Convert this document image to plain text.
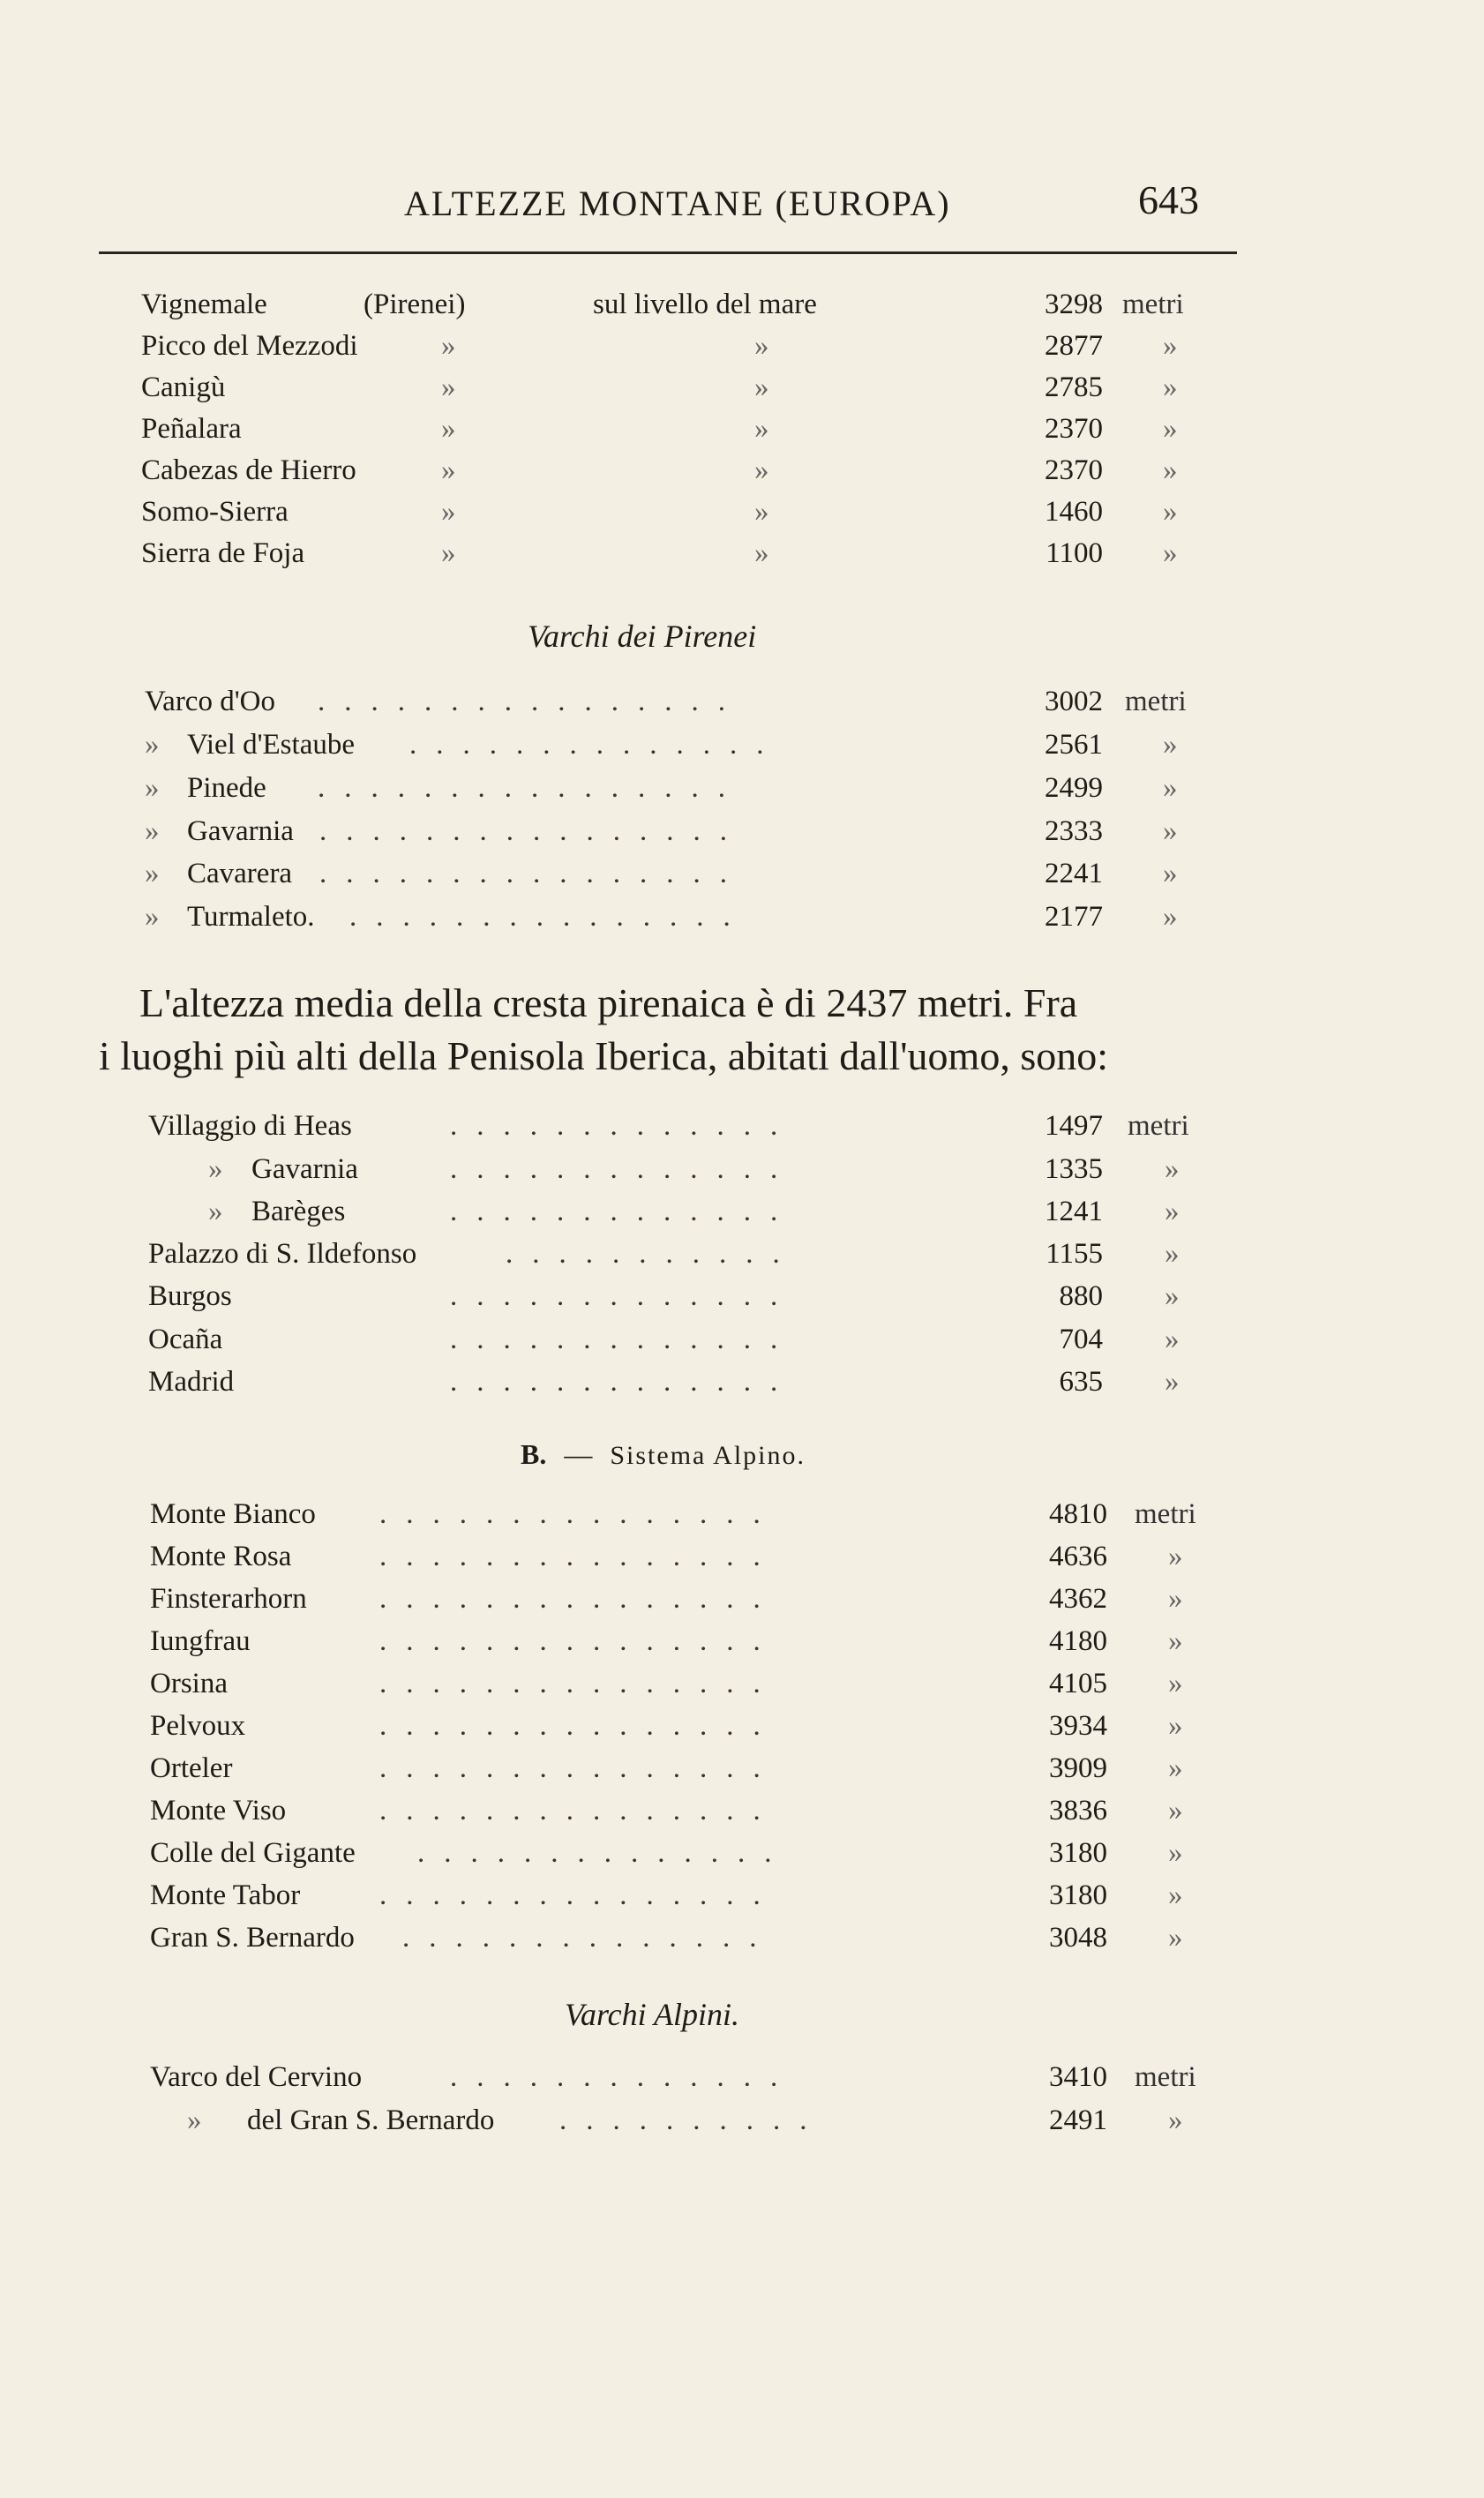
ALTEZZE MONTANE (EUROPA)	643
Vignemale	(Pirenei)	sul livello del mare	3298 metri
Picco del Mezzodi	»	»	2877 »
Canigù	»	»	2785 »
Peñalara	»	»	2370 »
Cabezas de Hierro	»	»	2370 »
Somo-Sierra	»	»	1460 »
Sierra de Foja	»	»	1100 »
Varchi dei Pirenei
Varco d'Oo ................	3002 metri
» Viel d'Estaube ..............	2561 »
» Pinede ................	2499 »
» Gavarnia ................	2333 »
» Cavarera ................	2241 »
» Turmaleto. ...............	2177 »
L'altezza media della cresta pirenaica è di 2437 metri. Fra
i luoghi più alti della Penisola Iberica, abitati dall'uomo, sono:
Villaggio di Heas	.............	1497 metri
» Gavarnia	.............	1335 »
» Barèges	.............	1241 »
Palazzo di S. Ildefonso	...........	1155 »
Burgos	.............	880 »
Ocaña	.............	704 »
Madrid	.............	635 »
B. — Sistema Alpino.
Monte Bianco ...............	4810 metri
Monte Rosa	...............	4636 »
Finsterarhorn ...............	4362 »
Iungfrau	...............	4180 »
Orsina	...............	4105 »
Pelvoux	...............	3934 »
Orteler	...............	3909 »
Monte Viso	...............	3836 »
Colle del Gigante ..............	3180 »
Monte Tabor	...............	3180 »
Gran S. Bernardo ..............	3048 »
Varchi Alpini.
Varco del Cervino	.............	3410 metri
» del Gran S. Bernardo ..........	2491 »
